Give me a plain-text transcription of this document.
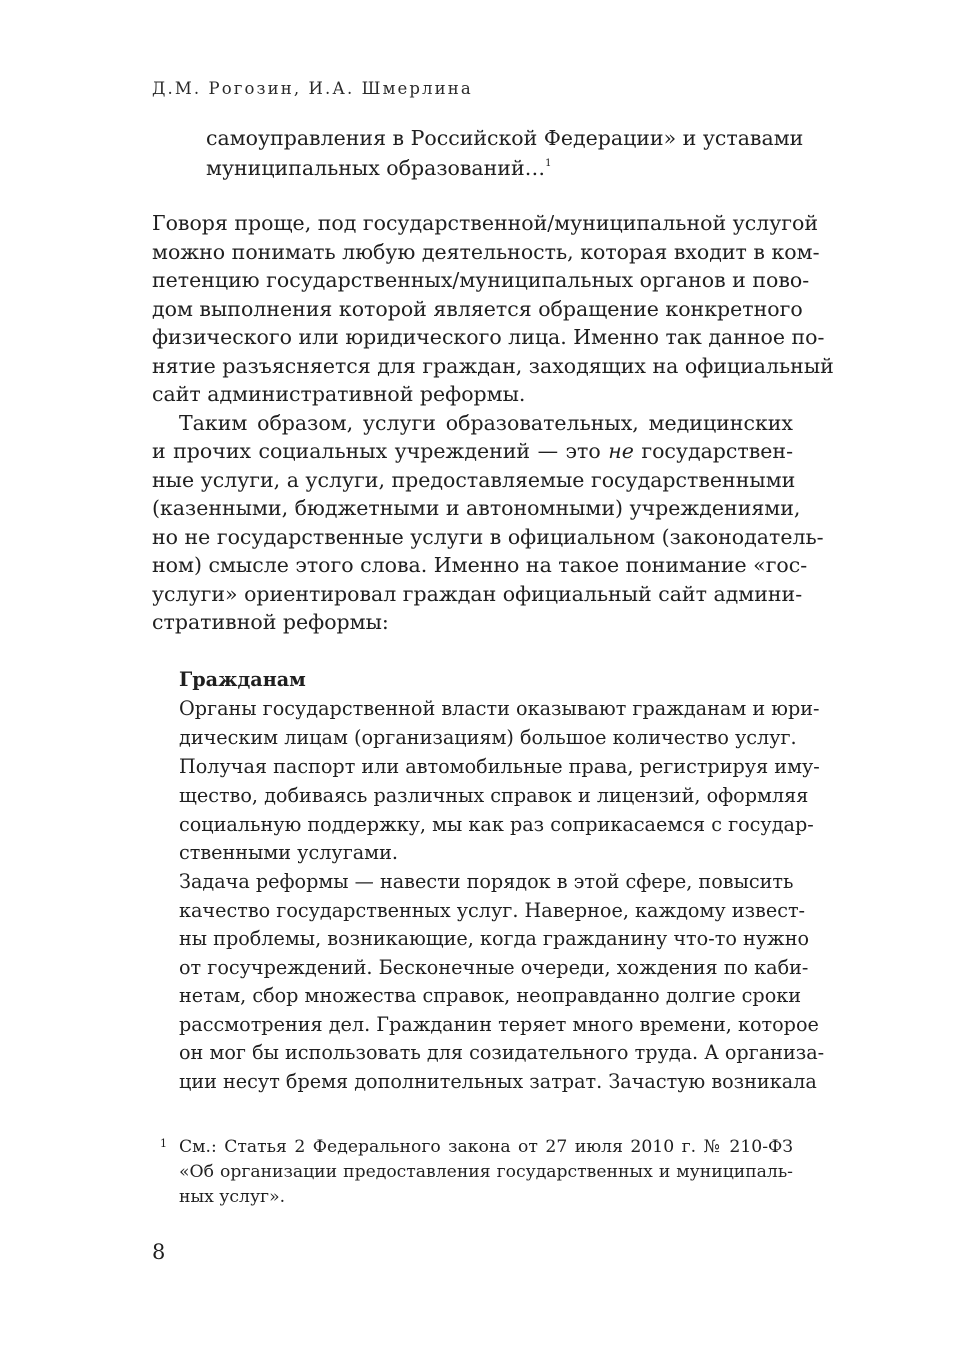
Д.М. Рогозин, И.А. Шмерлина
самоуправления в Российской Федерации» и уставами
муниципальных образований…$^1$
Говоря проще, под государственной/муниципальной услугой
можно понимать любую деятельность, которая входит в ком-
петенцию государственных/муниципальных органов и пово-
дом выполнения которой является обращение конкретного
физического или юридического лица. Именно так данное по-
нятие разъясняется для граждан, заходящих на официальный
сайт административной реформы.
Таким образом, услуги образовательных, медицинских
и прочих социальных учреждений — это не государствен-
ные услуги, а услуги, предоставляемые государственными
(казенными, бюджетными и автономными) учреждениями,
но не государственные услуги в официальном (законодатель-
ном) смысле этого слова. Именно на такое понимание «гос-
услуги» ориентировал граждан официальный сайт админи-
стративной реформы:
Гражданам
Органы государственной власти оказывают гражданам и юри-
дическим лицам (организациям) большое количество услуг.
Получая паспорт или автомобильные права, регистрируя иму-
щество, добиваясь различных справок и лицензий, оформляя
социальную поддержку, мы как раз соприкасаемся с государ-
ственными услугами.
Задача реформы — навести порядок в этой сфере, повысить
качество государственных услуг. Наверное, каждому извест-
ны проблемы, возникающие, когда гражданину что-то нужно
от госучреждений. Бесконечные очереди, хождения по каби-
нетам, сбор множества справок, неоправданно долгие сроки
рассмотрения дел. Гражданин теряет много времени, которое
он мог бы использовать для созидательного труда. А организа-
ции несут бремя дополнительных затрат. Зачастую возникала
1 См.: Статья 2 Федерального закона от 27 июля 2010 г. № 210-ФЗ
«Об организации предоставления государственных и муниципаль-
ных услуг».
8
